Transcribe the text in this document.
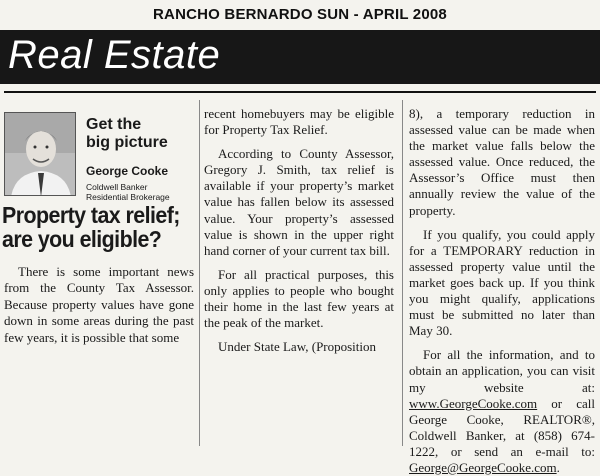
RANCHO BERNARDO SUN - APRIL 2008
Real Estate
Get the
big picture
George Cooke
Coldwell Banker
Residential Brokerage
Property tax relief;
are you eligible?

There is some important news from the County Tax Assessor. Because property values have gone down in some areas during the past few years, it is possible that some

recent homebuyers may be eligible for Property Tax Relief.

According to County Assessor, Gregory J. Smith, tax relief is available if your property’s market value has fallen below its assessed value. Your property’s assessed value is shown in the upper right hand corner of your current tax bill.

For all practical purposes, this only applies to people who bought their home in the last few years at the peak of the market.

Under State Law, (Proposition

8), a temporary reduction in assessed value can be made when the market value falls below the assessed value. Once reduced, the Assessor’s Office must then annually review the value of the property.

If you qualify, you could apply for a TEMPORARY reduction in assessed property value until the market goes back up. If you think you might qualify, applications must be submitted no later than May 30.

For all the information, and to obtain an application, you can visit my website at: www.GeorgeCooke.com or call George Cooke, REALTOR®, Coldwell Banker, at (858) 674-1222, or send an e-mail to: George@GeorgeCooke.com.
